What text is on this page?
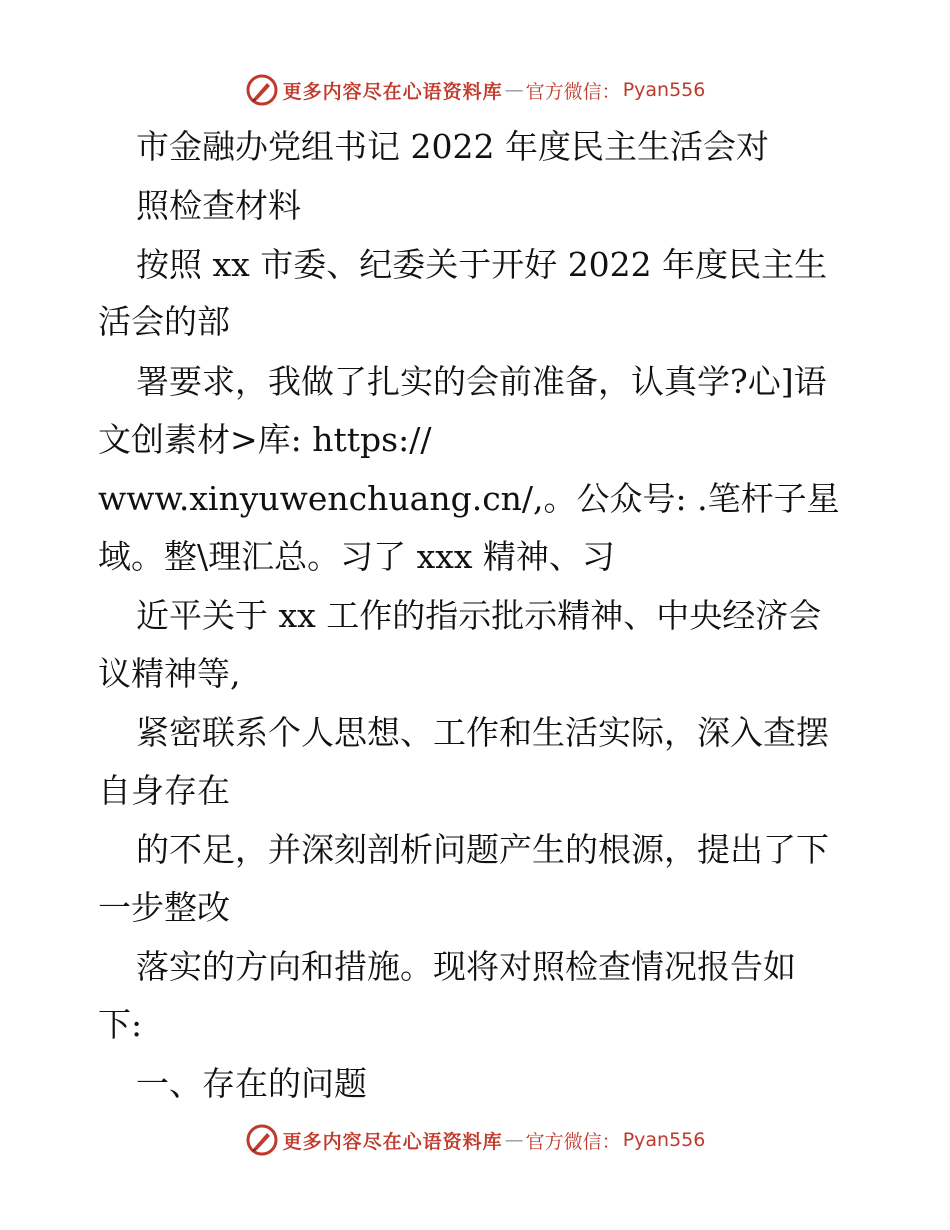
更多内容尽在心语资料库 — 官方微信： Pyan556
市金融办党组书记 2022 年度民主生活会对
照检查材料
按照 xx 市委、纪委关于开好 2022 年度民主生
活会的部
署要求，我做了扎实的会前准备，认真学?心]语
文创素材>库: https://
www.xinyuwenchuang.cn/,。公众号: .笔杆子星
域。整\理汇总。习了 xxx 精神、习
近平关于 xx 工作的指示批示精神、中央经济会
议精神等,
紧密联系个人思想、工作和生活实际，深入查摆
自身存在
的不足，并深刻剖析问题产生的根源，提出了下
一步整改
落实的方向和措施。现将对照检查情况报告如
下:
一、存在的问题
更多内容尽在心语资料库 — 官方微信： Pyan556
